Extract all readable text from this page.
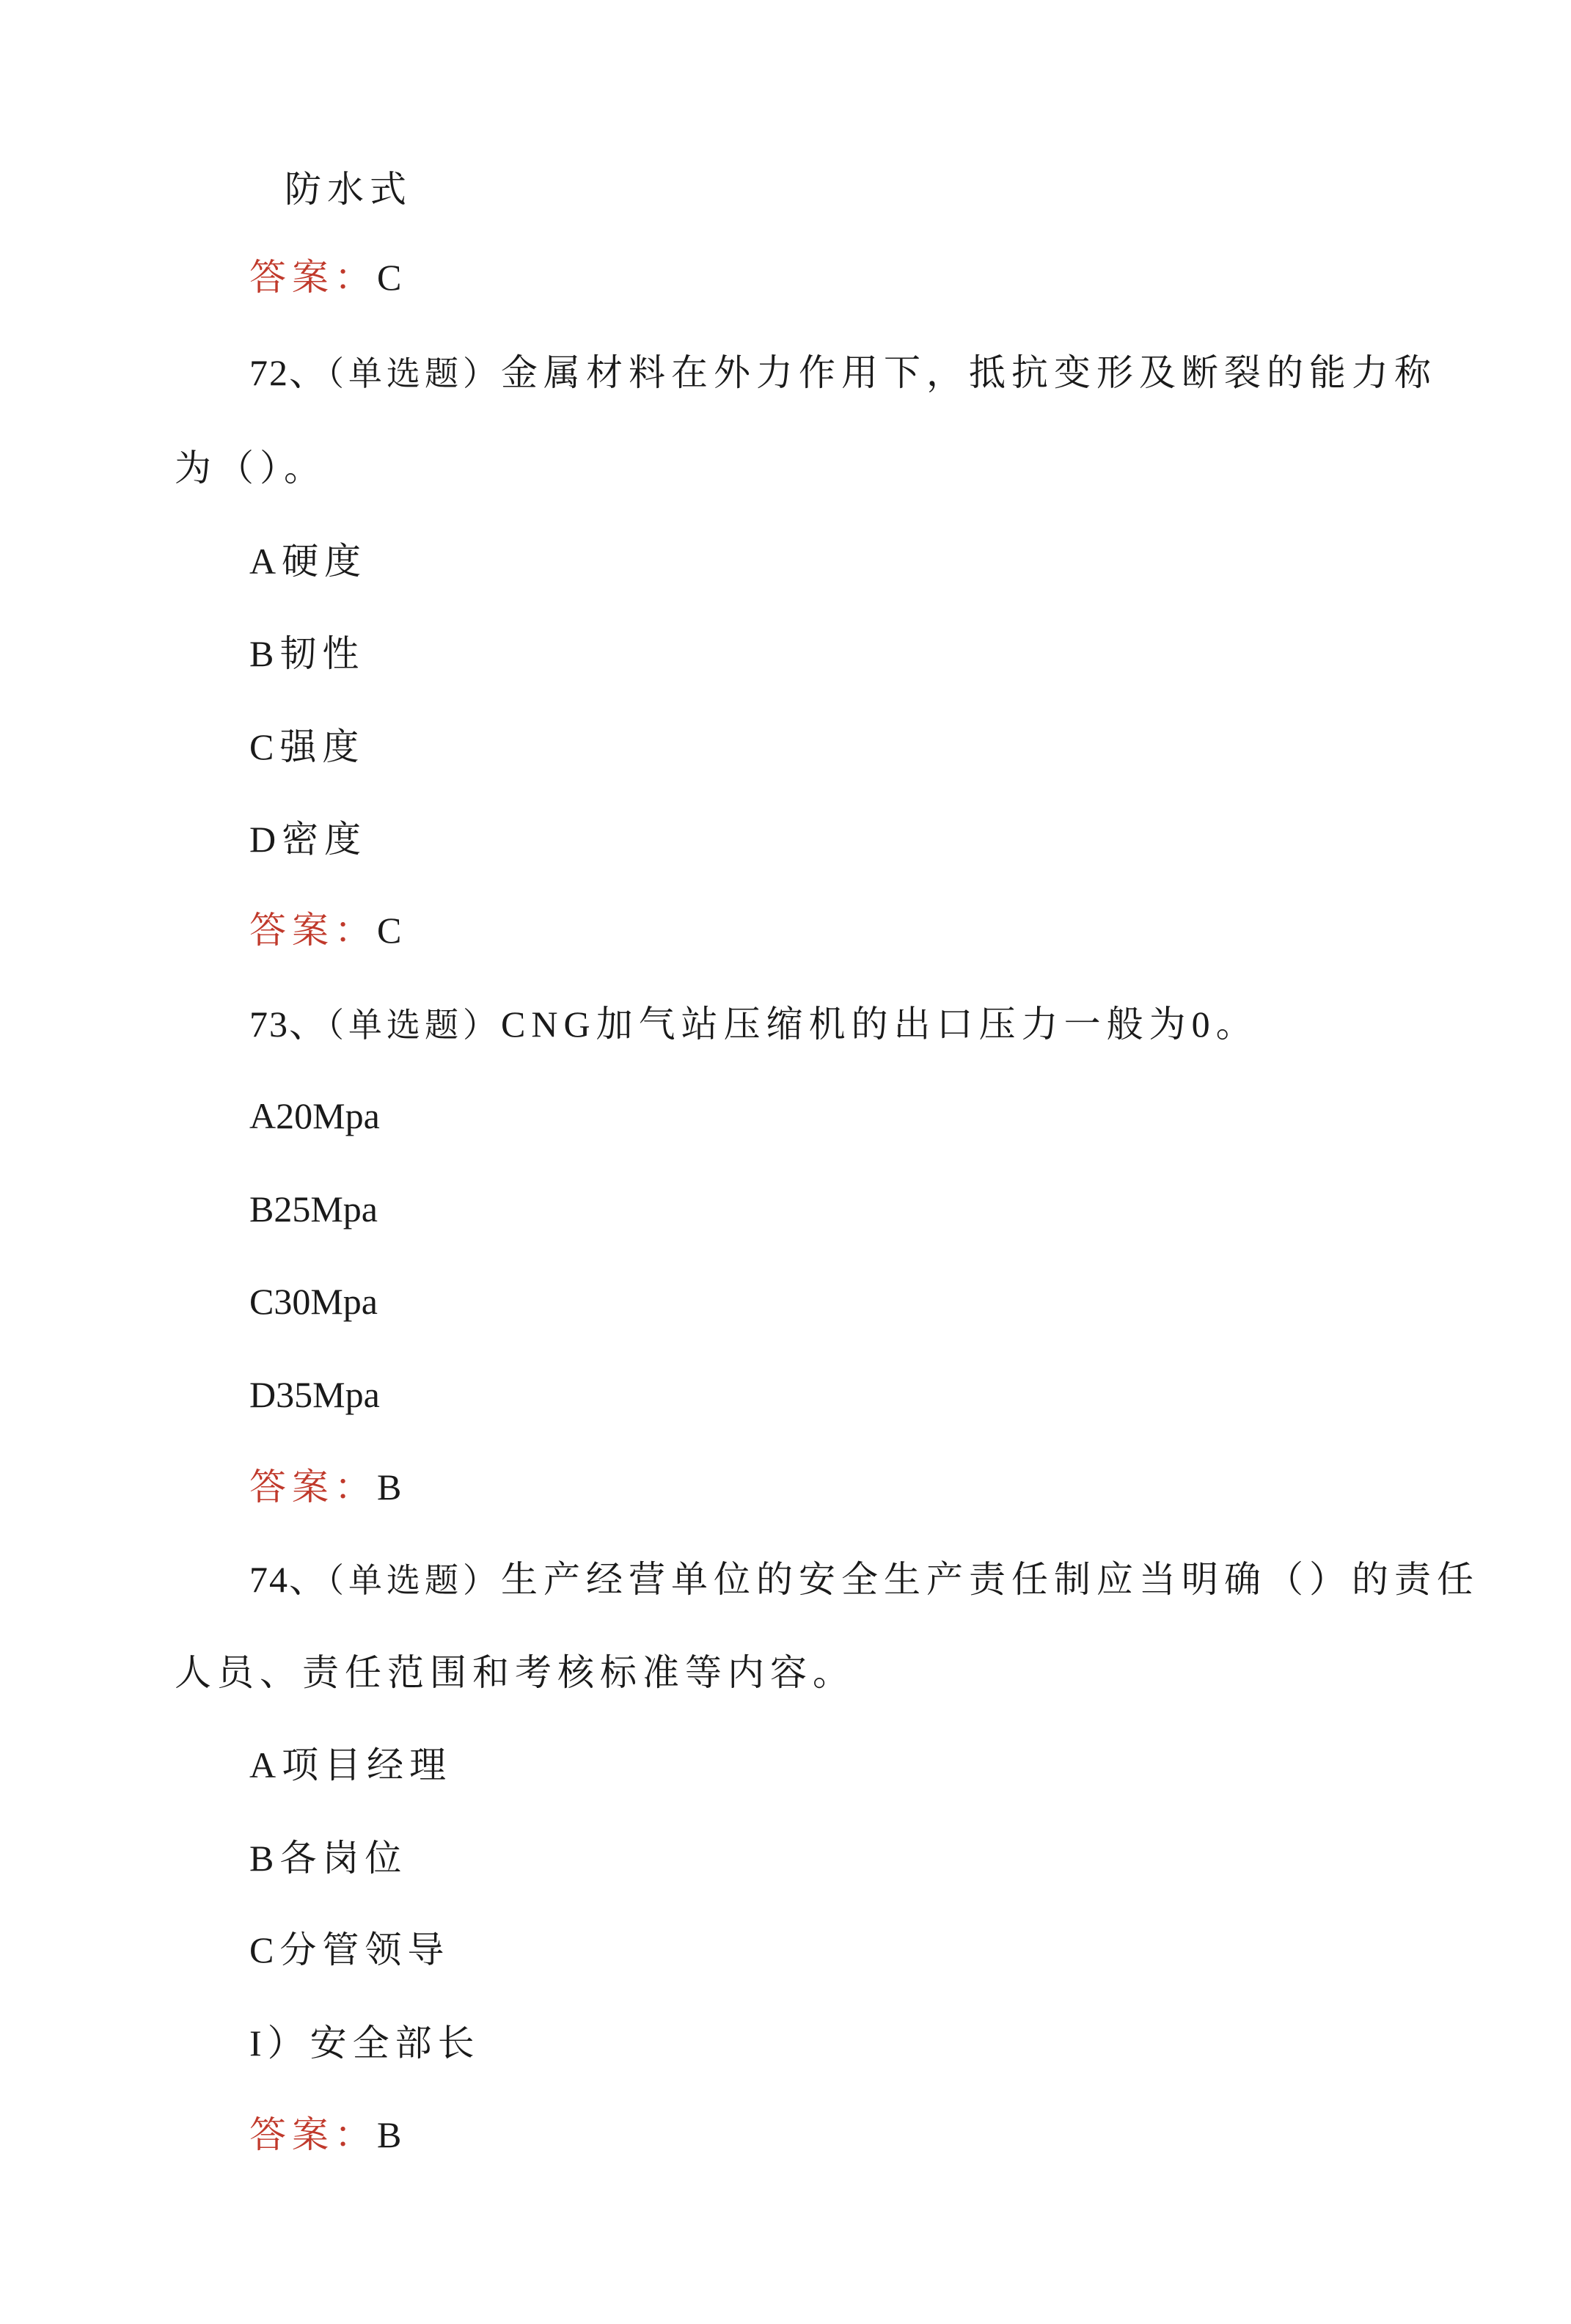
防水式
答案：C
72、（单选题）金属材料在外力作用下，抵抗变形及断裂的能力称
为（）。
A硬度
B韧性
C强度
D密度
答案：C
73、（单选题）CNG加气站压缩机的出口压力一般为0。
A20Mpa
B25Mpa
C30Mpa
D35Mpa
答案：B
74、（单选题）生产经营单位的安全生产责任制应当明确（）的责任
人员、责任范围和考核标准等内容。
A项目经理
B各岗位
C分管领导
I）安全部长
答案：B
